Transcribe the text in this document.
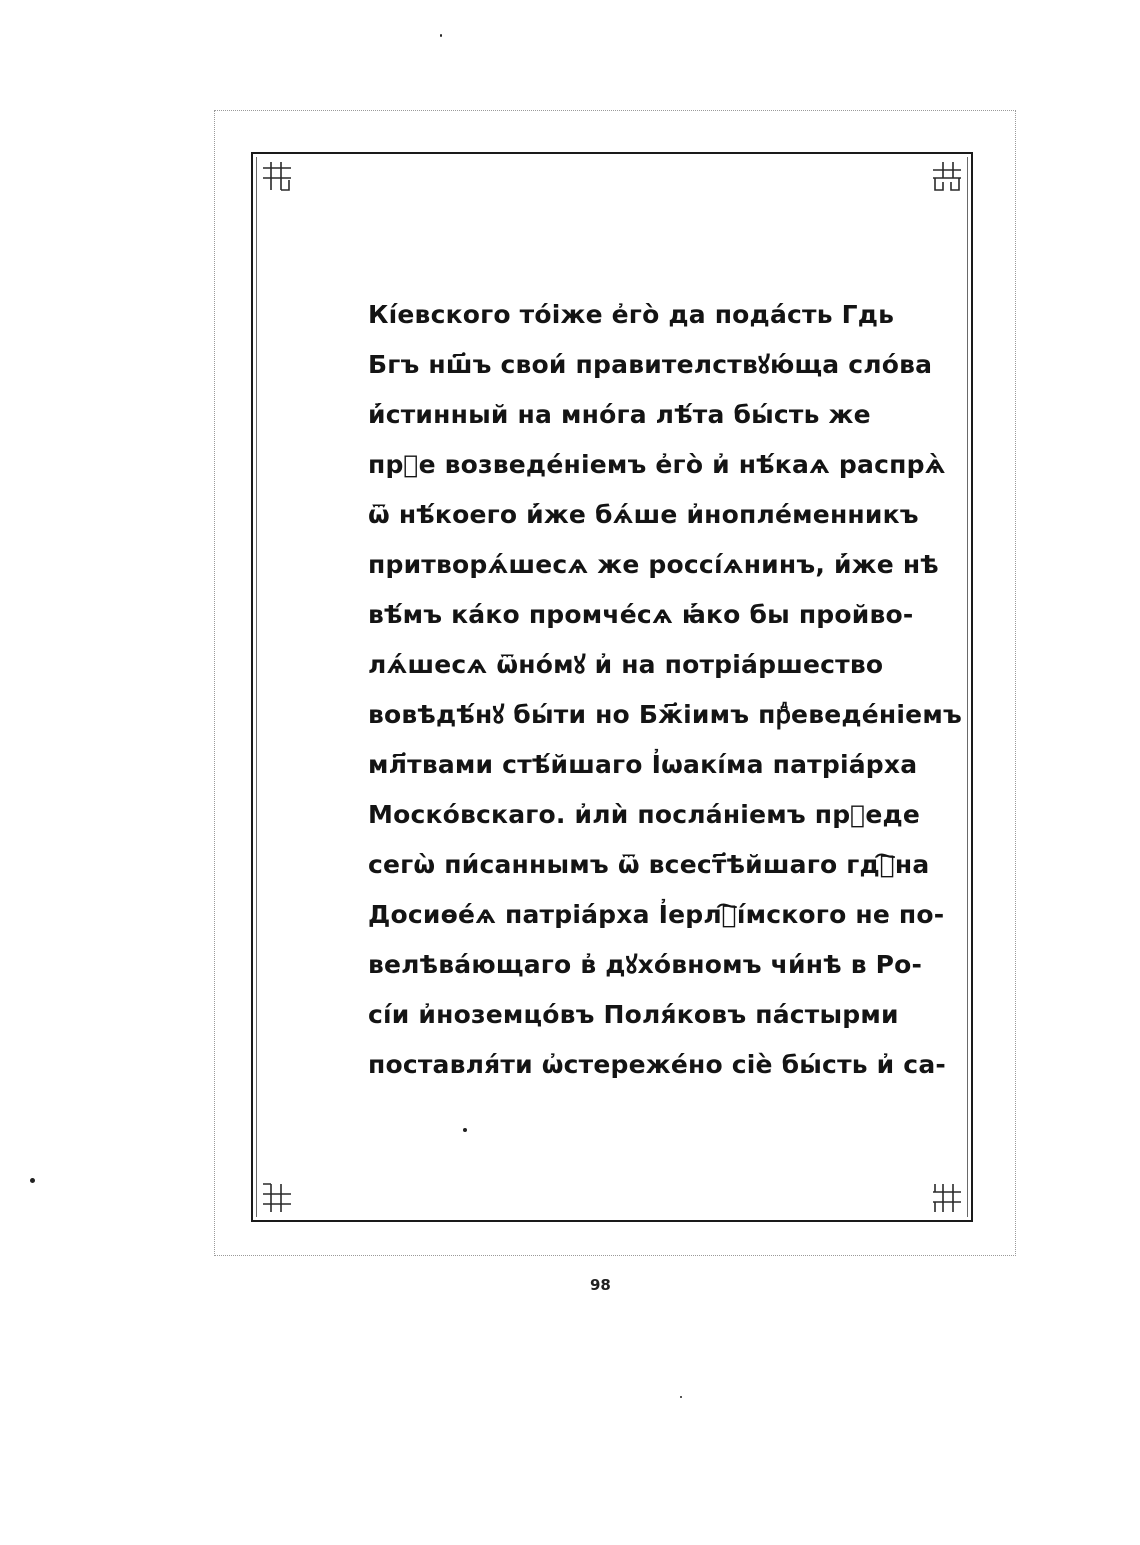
Кі́евского то́іже е҆го̀ да пода́сть Гдь
Бгъ нш҃ъ свои́ правителствꙋю́ща сло́ва
и҆́стинный на мно́га лѣ́та бы́сть же
прⷣе возведе́ніемъ е҆го̀ и҆ нѣ́каѧ распрѧ̀
ѿ нѣ́коего и҆́же бѧ́ше и҆нопле́менникъ
притворѧ́шесѧ же россі́ѧнинъ, и҆́же нѣ
вѣ́мъ ка́ко промче́сѧ ꙗ҆́ко бы пройво-
лѧ́шесѧ ѿно́мꙋ и҆ на потріа́ршество
вовѣдѣ́нꙋ бы́ти но Бж҃іимъ прⷣеведе́ніемъ
мл҃твами стѣ́йшаго І҆ѡакі́ма патріа́рха
Моско́вскаго. и҆лѝ посла́ніемъ прⷣеде
сегѡ̀ пи́саннымъ ѿ всест҃ѣйшаго гдⷭ҇на
Досиѳе́ѧ патріа́рха І҆ерлⷭ҇і́мского не по-
велѣва́ющаго в҆ дꙋхо́вномъ чи́нѣ в Ро-
сі́и и҆ноземцо́въ Поля́ковъ па́стырми
поставля́ти ѡ҆стереже́но сіѐ бы́сть и҆ са-
98
